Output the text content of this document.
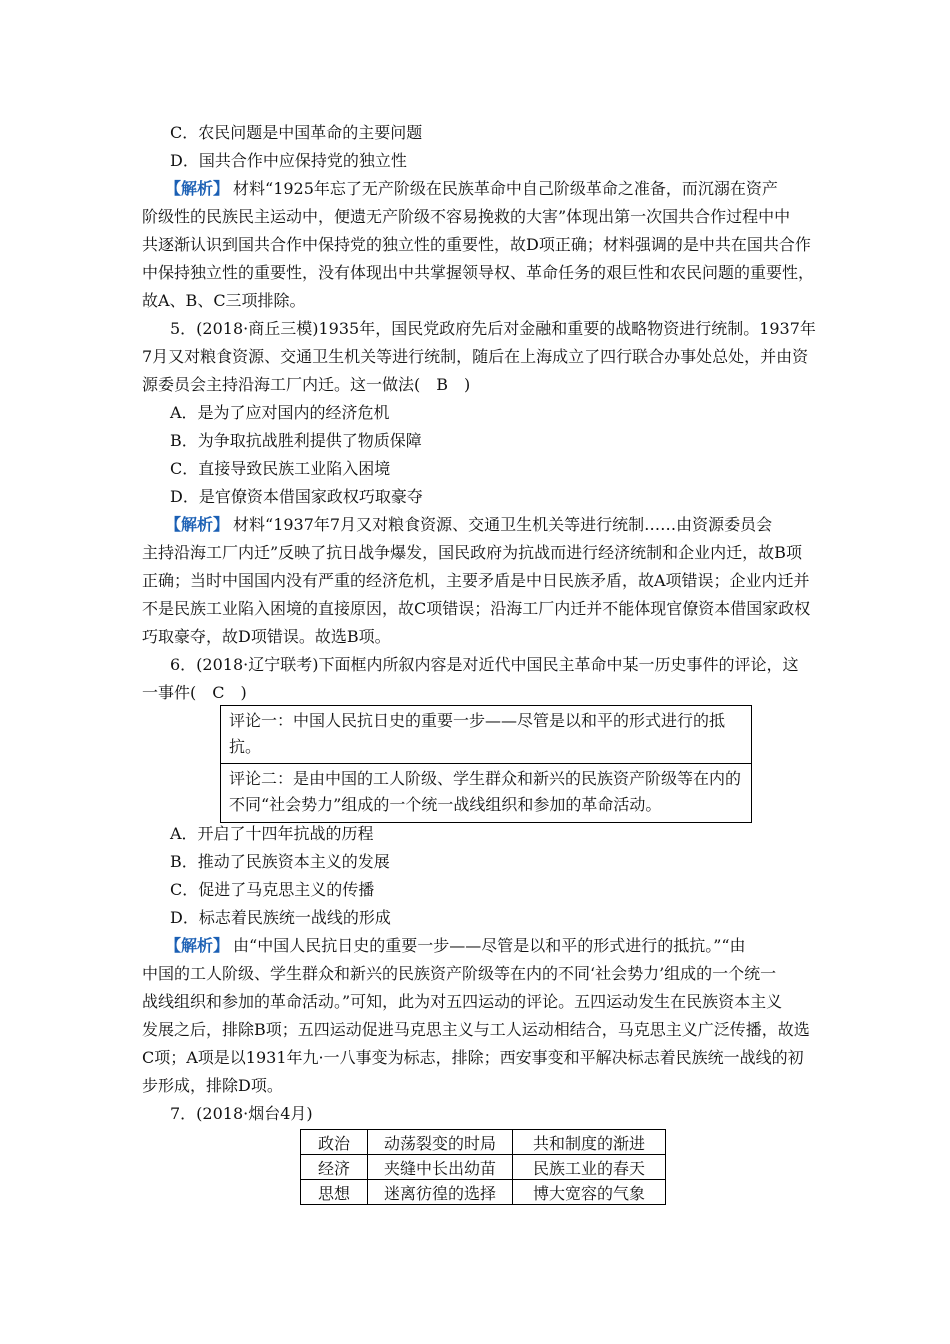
C．农民问题是中国革命的主要问题
D．国共合作中应保持党的独立性
【解析】 材料“1925年忘了无产阶级在民族革命中自己阶级革命之准备，而沉溺在资产
阶级性的民族民主运动中，便遗无产阶级不容易挽救的大害”体现出第一次国共合作过程中中
共逐渐认识到国共合作中保持党的独立性的重要性，故D项正确；材料强调的是中共在国共合作
中保持独立性的重要性，没有体现出中共掌握领导权、革命任务的艰巨性和农民问题的重要性，
故A、B、C三项排除。
5．(2018·商丘三模)1935年，国民党政府先后对金融和重要的战略物资进行统制。1937年
7月又对粮食资源、交通卫生机关等进行统制，随后在上海成立了四行联合办事处总处，并由资
源委员会主持沿海工厂内迁。这一做法(　B　)
A．是为了应对国内的经济危机
B．为争取抗战胜利提供了物质保障
C．直接导致民族工业陷入困境
D．是官僚资本借国家政权巧取豪夺
【解析】 材料“1937年7月又对粮食资源、交通卫生机关等进行统制……由资源委员会
主持沿海工厂内迁”反映了抗日战争爆发，国民政府为抗战而进行经济统制和企业内迁，故B项
正确；当时中国国内没有严重的经济危机，主要矛盾是中日民族矛盾，故A项错误；企业内迁并
不是民族工业陷入困境的直接原因，故C项错误；沿海工厂内迁并不能体现官僚资本借国家政权
巧取豪夺，故D项错误。故选B项。
6．(2018·辽宁联考)下面框内所叙内容是对近代中国民主革命中某一历史事件的评论，这
一事件(　C　)
评论一：中国人民抗日史的重要一步——尽管是以和平的形式进行的抵抗。
评论二：是由中国的工人阶级、学生群众和新兴的民族资产阶级等在内的不同“社会势力”组成的一个统一战线组织和参加的革命活动。
A．开启了十四年抗战的历程
B．推动了民族资本主义的发展
C．促进了马克思主义的传播
D．标志着民族统一战线的形成
【解析】 由“中国人民抗日史的重要一步——尽管是以和平的形式进行的抵抗。”“由
中国的工人阶级、学生群众和新兴的民族资产阶级等在内的不同‘社会势力’组成的一个统一
战线组织和参加的革命活动。”可知，此为对五四运动的评论。五四运动发生在民族资本主义
发展之后，排除B项；五四运动促进马克思主义与工人运动相结合，马克思主义广泛传播，故选
C项；A项是以1931年九·一八事变为标志，排除；西安事变和平解决标志着民族统一战线的初
步形成，排除D项。
7．(2018·烟台4月)
政治	动荡裂变的时局	共和制度的渐进
经济	夹缝中长出幼苗	民族工业的春天
思想	迷离彷徨的选择	博大宽容的气象
